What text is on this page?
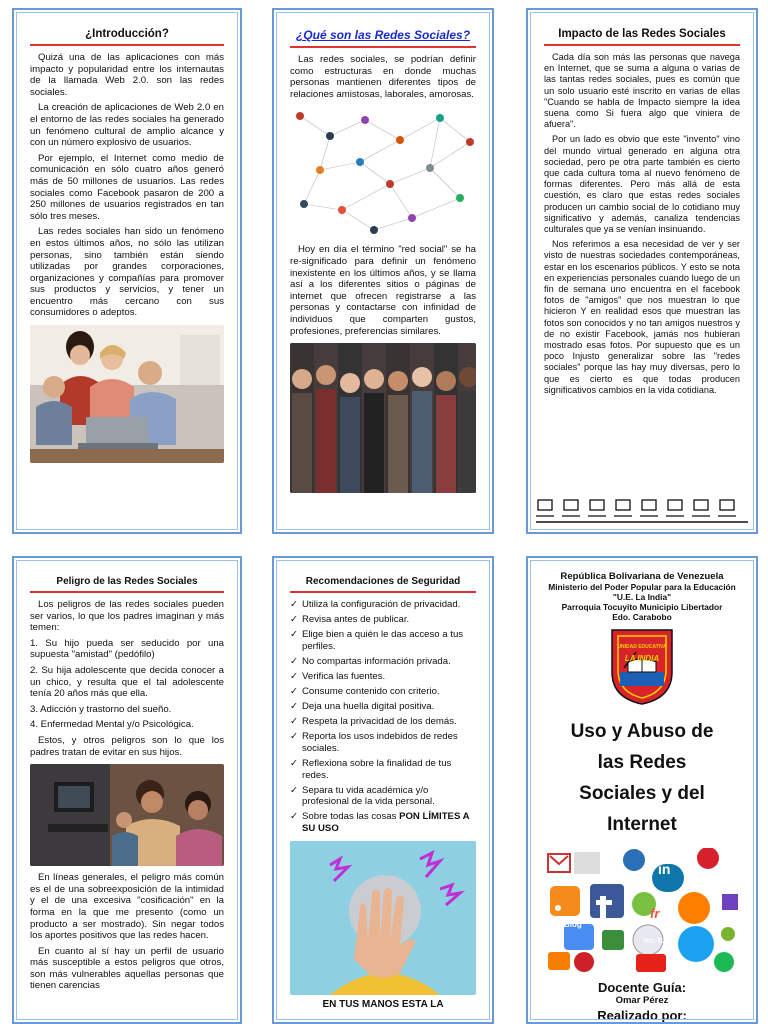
¿Introducción?

Quizá una de las aplicaciones con más impacto y popularidad entre los internautas de la llamada Web 2.0. son las redes sociales.

La creación de aplicaciones de Web 2.0 en el entorno de las redes sociales ha generado un fenómeno cultural de amplio alcance y con un número explosivo de usuarios.

Por ejemplo, el Internet como medio de comunicación en sólo cuatro años generó más de 50 millones de usuarios. Las redes sociales como Facebook pasaron de 200 a 250 millones de usuarios registrados en tan sólo tres meses.

Las redes sociales han sido un fenómeno en estos últimos años, no sólo las utilizan personas, sino también están siendo utilizadas por grandes corporaciones, organizaciones y compañías para promover sus productos y servicios, y tener un encuentro más cercano con sus consumidores o adeptos.

¿Qué son las Redes Sociales?

Las redes sociales, se podrían definir como estructuras en donde muchas personas mantienen diferentes tipos de relaciones amistosas, laborales, amorosas.

Hoy en día el término "red social" se ha re-significado para definir un fenómeno inexistente en los últimos años, y se llama así a los diferentes sitios o páginas de internet que ofrecen registrarse a las personas y contactarse con infinidad de individuos que comparten gustos, profesiones, preferencias similares.

Impacto de las Redes Sociales

Cada día son más las personas que navega en Internet, que se suma a alguna o varias de las tantas redes sociales, pues es común que un solo usuario esté inscrito en varias de ellas "Cuando se habla de Impacto siempre la idea suena como Si fuera algo que viniera de afuera".

Por un lado es obvio que este "invento" vino del mundo virtual generado en alguna otra sociedad, pero pe otra parte también es cierto que cada cultura toma al nuevo fenómeno de formas diferentes. Pero más allá de esta cuestión, es claro que estas redes sociales producen un cambio social de lo cotidiano muy significativo y además, canaliza tendencias culturales que ya se venían insinuando.

Nos referimos a esa necesidad de ver y ser visto de nuestras sociedades contemporáneas, estar en los escenarios públicos. Y esto se nota en experiencias personales cuando luego de un fin de semana uno encuentra en el facebook fotos de "amigos" que nos muestran lo que hicieron Y en realidad esos que muestran las fotos son conocidos y no tan amigos nuestros y de no existir Facebook, jamás nos hubieran mostrado esas fotos. Por supuesto que es un poco Injusto generalizar sobre las "redes sociales" porque las hay muy diversas, pero lo que es cierto es que todas producen significativos cambios en la vida cotidiana.

Peligro de las Redes Sociales

Los peligros de las redes sociales pueden ser varios, lo que los padres imaginan y más temen:

1. Su hijo pueda ser seducido por una supuesta "amistad" (pedófilo)

2. Su hija adolescente que decida conocer a un chico, y resulta que el tal adolescente tenía 20 años más que ella.

3. Adicción y trastorno del sueño.

4. Enfermedad Mental y/o Psicológica.

Estos, y otros peligros son lo que los padres tratan de evitar en sus hijos.

En líneas generales, el peligro más común es el de una sobreexposición de la intimidad y el de una excesiva "cosificación" en la forma en la que me presento (como un producto a ser mostrado). Sin negar todos los aportes positivos que las redes hacen.

En cuanto al sí hay un perfil de usuario más susceptible a estos peligros que otros, son más vulnerables aquellas personas que tienen carencias

Recomendaciones de Seguridad
✓ Utiliza la configuración de privacidad.
✓ Revisa antes de publicar.
✓ Elige bien a quién le das acceso a tus perfiles.
✓ No compartas información privada.
✓ Verifica las fuentes.
✓ Consume contenido con criterio.
✓ Deja una huella digital positiva.
✓ Respeta la privacidad de los demás.
✓ Reporta los usos indebidos de redes sociales.
✓ Reflexiona sobre la finalidad de tus redes.
✓ Separa tu vida académica y/o profesional de la vida personal.
✓ Sobre todas las cosas PON LÍMITES A SU USO
EN TUS MANOS ESTA LA
República Bolivariana de Venezuela
Ministerio del Poder Popular para la Educación
"U.E. La India"
Parroquia Tocuyito Municipio Libertador
Edo. Carabobo
UNIDAD EDUCATIVA
LA INDIA
Uso y Abuso de
las Redes
Sociales y del
Internet
in
fr
You Tube
Blog
Docente Guía:
Omar Pérez
Realizado por:
